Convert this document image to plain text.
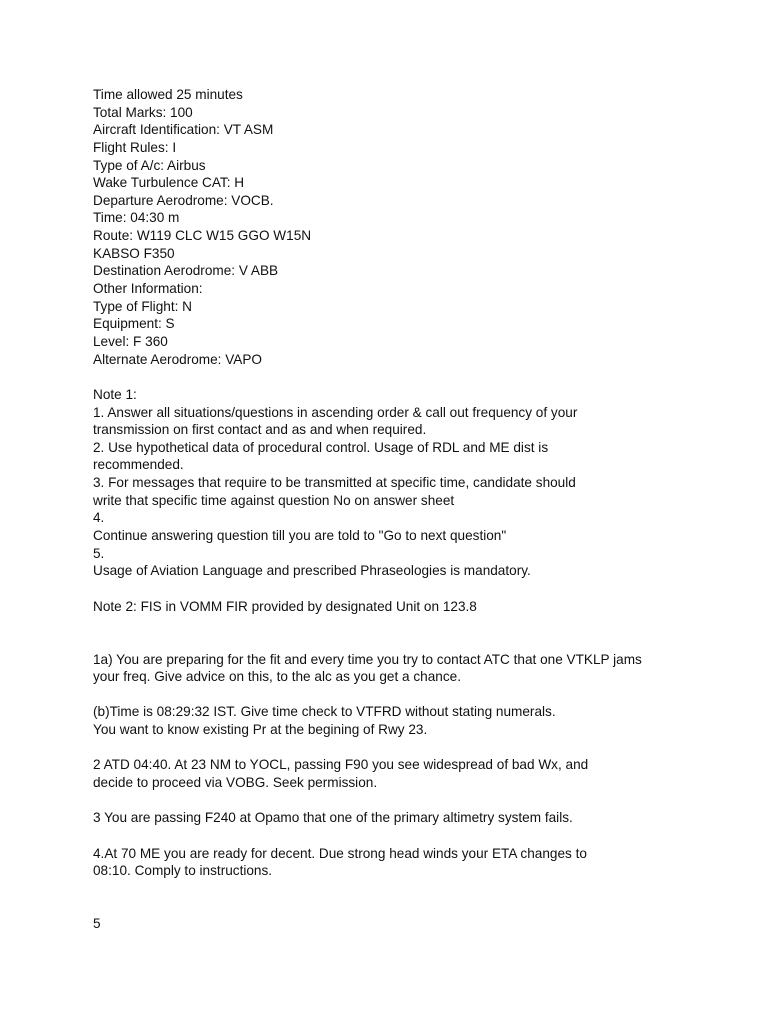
Time allowed 25 minutes
Total Marks: 100
Aircraft Identification: VT ASM
Flight Rules: I
Type of A/c: Airbus
Wake Turbulence CAT: H
Departure Aerodrome: VOCB.
Time: 04:30 m
Route: W119 CLC W15 GGO W15N
KABSO F350
Destination Aerodrome: V ABB
Other Information:
Type of Flight: N
Equipment: S
Level: F 360
Alternate Aerodrome: VAPO
Note 1:
1. Answer all situations/questions in ascending order & call out frequency of your
transmission on first contact and as and when required.
2. Use hypothetical data of procedural control. Usage of RDL and ME dist is
recommended.
3. For messages that require to be transmitted at specific time, candidate should
write that specific time against question No on answer sheet
4.
Continue answering question till you are told to "Go to next question"
5.
Usage of Aviation Language and prescribed Phraseologies is mandatory.
Note 2: FIS in VOMM FIR provided by designated Unit on 123.8
1a) You are preparing for the fit and every time you try to contact ATC that one VTKLP jams
your freq. Give advice on this, to the alc as you get a chance.
(b)Time is 08:29:32 IST. Give time check to VTFRD without stating numerals.
You want to know existing Pr at the begining of Rwy 23.
2 ATD 04:40. At 23 NM to YOCL, passing F90 you see widespread of bad Wx, and
decide to proceed via VOBG. Seek permission.
3 You are passing F240 at Opamo that one of the primary altimetry system fails.
4.At 70 ME you are ready for decent. Due strong head winds your ETA changes to
08:10. Comply to instructions.
5
